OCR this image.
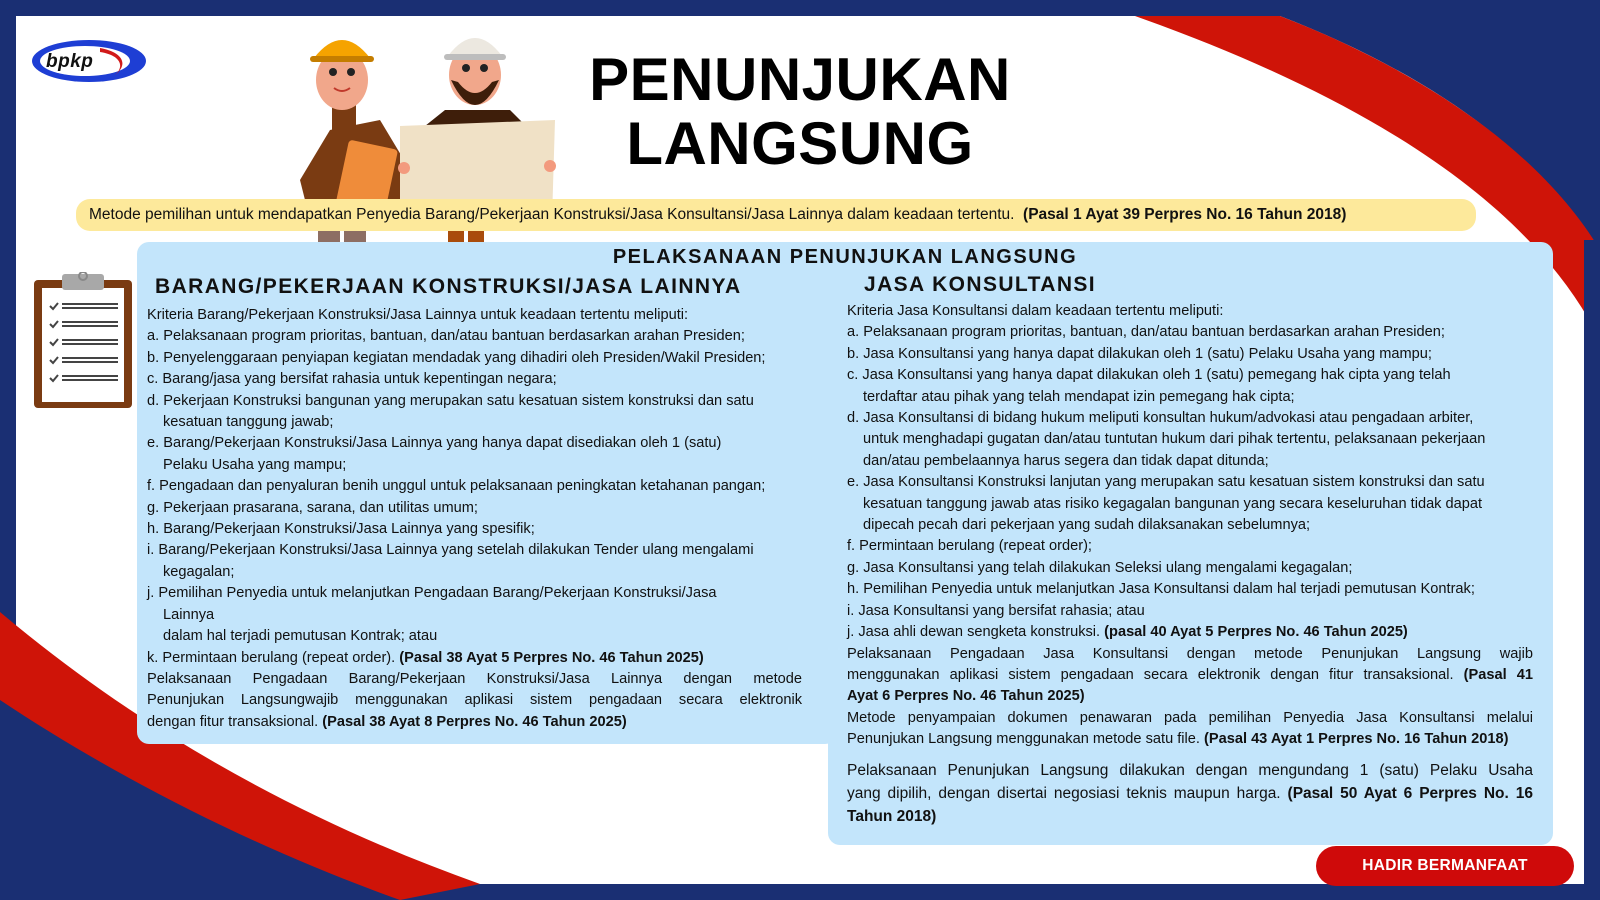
bpkp	PENUNJUKAN
LANGSUNG
Metode pemilihan untuk mendapatkan Penyedia Barang/Pekerjaan Konstruksi/Jasa Konsultansi/Jasa Lainnya dalam keadaan tertentu. (Pasal 1 Ayat 39 Perpres No. 16 Tahun 2018)
PELAKSANAAN PENUNJUKAN LANGSUNG
BARANG/PEKERJAAN KONSTRUKSI/JASA LAINNYA
Kriteria Barang/Pekerjaan Konstruksi/Jasa Lainnya untuk keadaan tertentu meliputi:
a. Pelaksanaan program prioritas, bantuan, dan/atau bantuan berdasarkan arahan Presiden;
b. Penyelenggaraan penyiapan kegiatan mendadak yang dihadiri oleh Presiden/Wakil Presiden;
c. Barang/jasa yang bersifat rahasia untuk kepentingan negara;
d. Pekerjaan Konstruksi bangunan yang merupakan satu kesatuan sistem konstruksi dan satu
kesatuan tanggung jawab;
e. Barang/Pekerjaan Konstruksi/Jasa Lainnya yang hanya dapat disediakan oleh 1 (satu)
Pelaku Usaha yang mampu;
f. Pengadaan dan penyaluran benih unggul untuk pelaksanaan peningkatan ketahanan pangan;
g. Pekerjaan prasarana, sarana, dan utilitas umum;
h. Barang/Pekerjaan Konstruksi/Jasa Lainnya yang spesifik;
i. Barang/Pekerjaan Konstruksi/Jasa Lainnya yang setelah dilakukan Tender ulang mengalami
kegagalan;
j. Pemilihan Penyedia untuk melanjutkan Pengadaan Barang/Pekerjaan Konstruksi/Jasa
Lainnya
dalam hal terjadi pemutusan Kontrak; atau
k. Permintaan berulang (repeat order). (Pasal 38 Ayat 5 Perpres No. 46 Tahun 2025)
Pelaksanaan Pengadaan Barang/Pekerjaan Konstruksi/Jasa Lainnya dengan metode
Penunjukan Langsungwajib menggunakan aplikasi sistem pengadaan secara elektronik
dengan fitur transaksional. (Pasal 38 Ayat 8 Perpres No. 46 Tahun 2025)
JASA KONSULTANSI
Kriteria Jasa Konsultansi dalam keadaan tertentu meliputi:
a. Pelaksanaan program prioritas, bantuan, dan/atau bantuan berdasarkan arahan Presiden;
b. Jasa Konsultansi yang hanya dapat dilakukan oleh 1 (satu) Pelaku Usaha yang mampu;
c. Jasa Konsultansi yang hanya dapat dilakukan oleh 1 (satu) pemegang hak cipta yang telah
terdaftar atau pihak yang telah mendapat izin pemegang hak cipta;
d. Jasa Konsultansi di bidang hukum meliputi konsultan hukum/advokasi atau pengadaan arbiter,
untuk menghadapi gugatan dan/atau tuntutan hukum dari pihak tertentu, pelaksanaan pekerjaan
dan/atau pembelaannya harus segera dan tidak dapat ditunda;
e. Jasa Konsultansi Konstruksi lanjutan yang merupakan satu kesatuan sistem konstruksi dan satu
kesatuan tanggung jawab atas risiko kegagalan bangunan yang secara keseluruhan tidak dapat
dipecah pecah dari pekerjaan yang sudah dilaksanakan sebelumnya;
f. Permintaan berulang (repeat order);
g. Jasa Konsultansi yang telah dilakukan Seleksi ulang mengalami kegagalan;
h. Pemilihan Penyedia untuk melanjutkan Jasa Konsultansi dalam hal terjadi pemutusan Kontrak;
i. Jasa Konsultansi yang bersifat rahasia; atau
j. Jasa ahli dewan sengketa konstruksi. (pasal 40 Ayat 5 Perpres No. 46 Tahun 2025)
Pelaksanaan Pengadaan Jasa Konsultansi dengan metode Penunjukan Langsung wajib
menggunakan aplikasi sistem pengadaan secara elektronik dengan fitur transaksional. (Pasal 41
Ayat 6 Perpres No. 46 Tahun 2025)
Metode penyampaian dokumen penawaran pada pemilihan Penyedia Jasa Konsultansi melalui
Penunjukan Langsung menggunakan metode satu file. (Pasal 43 Ayat 1 Perpres No. 16 Tahun 2018)
Pelaksanaan Penunjukan Langsung dilakukan dengan mengundang 1 (satu) Pelaku Usaha
yang dipilih, dengan disertai negosiasi teknis maupun harga. (Pasal 50 Ayat 6 Perpres No. 16
Tahun 2018)
HADIR BERMANFAAT
